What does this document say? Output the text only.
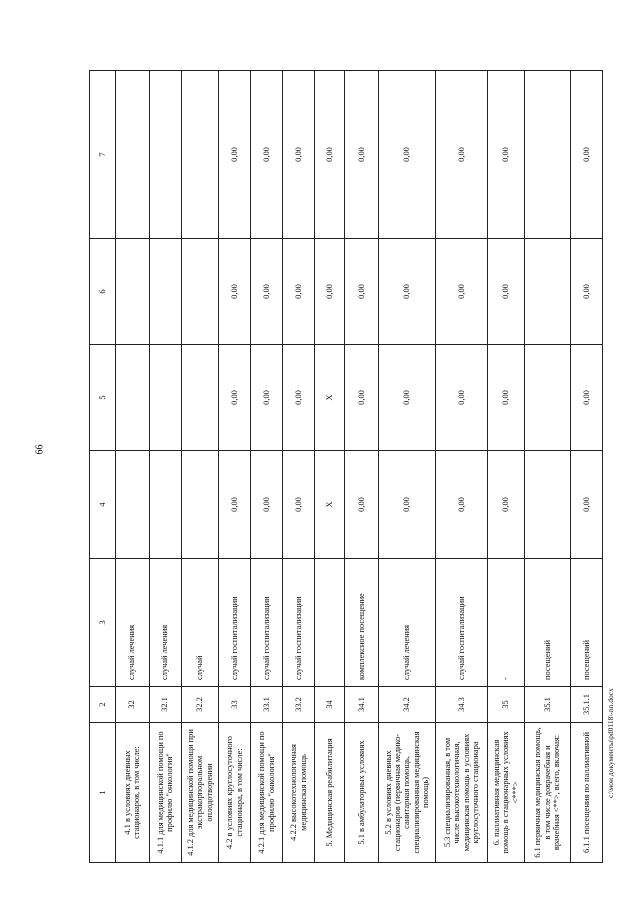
66
1	2	3	4	5	6	7
4.1 в условиях дневных стационаров, в том числе:	32	случай лечения				
4.1.1 для медицинской помощи по профилю "онкология"	32.1	случай лечения				
4.1.2 для медицинской помощи при экстракорпоральном оплодотворении	32.2	случай				
4.2 в условиях круглосуточного стационара, в том числе:	33	случай госпитализации	0,00	0,00	0,00	0,00
4.2.1 для медицинской помощи по профилю "онкология"	33.1	случай госпитализации	0,00	0,00	0,00	0,00
4.2.2 высокотехнологичная медицинская помощь	33.2	случай госпитализации	0,00	0,00	0,00	0,00
5. Медицинская реабилитация	34		X	X	0,00	0,00
5.1 в амбулаторных условиях	34.1	комплексное посещение	0,00	0,00	0,00	0,00
5.2 в условиях дневных стационаров (первичная медико-санитарная помощь, специализированная медицинская помощь)	34.2	случай лечения	0,00	0,00	0,00	0,00
5.3 специализированная, в том числе высокотехнологичная, медицинская помощь в условиях круглосуточного стационара	34.3	случай госпитализации	0,00	0,00	0,00	0,00
6. паллиативная медицинская помощь в стационарных условиях <***>	35	-	0,00	0,00	0,00	0,00
6.1 первичная медицинская помощь, в том числе доврачебная и врачебная <**>, всего, включая:	35.1	посещений				
6.1.1 посещения по паллиативной	35.1.1	посещений	0,00	0,00	0,00	0,00
c:\мои документы\pd0118\-nn.docx
